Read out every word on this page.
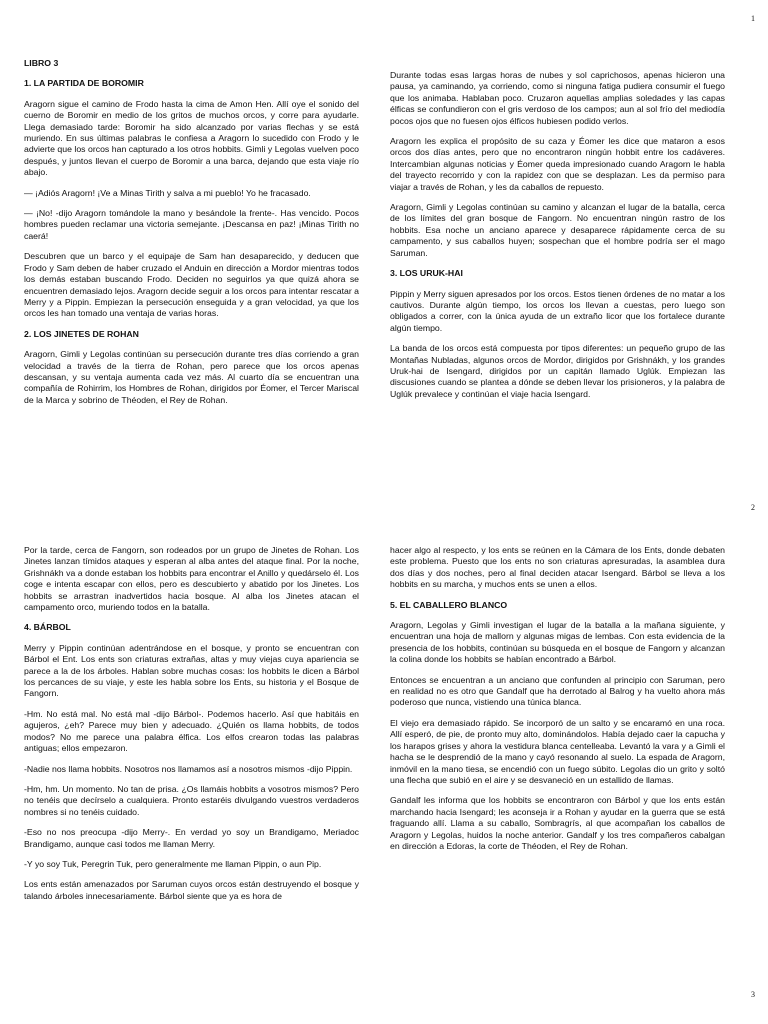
1
LIBRO 3
1. LA PARTIDA DE BOROMIR

Aragorn sigue el camino de Frodo hasta la cima de Amon Hen. Allí oye el sonido del cuerno de Boromir en medio de los gritos de muchos orcos, y corre para ayudarle. Llega demasiado tarde: Boromir ha sido alcanzado por varias flechas y se está muriendo. En sus últimas palabras le confiesa a Aragorn lo sucedido con Frodo y le advierte que los orcos han capturado a los otros hobbits. Gimli y Legolas vuelven poco después, y juntos llevan el cuerpo de Boromir a una barca, dejando que esta viaje río abajo.

— ¡Adiós Aragorn! ¡Ve a Minas Tirith y salva a mi pueblo! Yo he fracasado.

— ¡No! -dijo Aragorn tomándole la mano y besándole la frente-. Has vencido. Pocos hombres pueden reclamar una victoria semejante. ¡Descansa en paz! ¡Minas Tirith no caerá!

Descubren que un barco y el equipaje de Sam han desaparecido, y deducen que Frodo y Sam deben de haber cruzado el Anduin en dirección a Mordor mientras todos los demás estaban buscando Frodo. Deciden no seguirlos ya que quizá ahora se encuentren demasiado lejos. Aragorn decide seguir a los orcos para intentar rescatar a Merry y a Pippin. Empiezan la persecución enseguida y a gran velocidad, ya que los orcos les han tomado una ventaja de varias horas.

2. LOS JINETES DE ROHAN

Aragorn, Gimli y Legolas continúan su persecución durante tres días corriendo a gran velocidad a través de la tierra de Rohan, pero parece que los orcos apenas descansan, y su ventaja aumenta cada vez más. Al cuarto día se encuentran una compañía de Rohirrim, los Hombres de Rohan, dirigidos por Éomer, el Tercer Mariscal de la Marca y sobrino de Théoden, el Rey de Rohan.

Durante todas esas largas horas de nubes y sol caprichosos, apenas hicieron una pausa, ya caminando, ya corriendo, como si ninguna fatiga pudiera consumir el fuego que los animaba. Hablaban poco. Cruzaron aquellas amplias soledades y las capas élficas se confundieron con el gris verdoso de los campos; aun al sol frío del mediodía pocos ojos que no fuesen ojos élficos hubiesen podido verlos.

Aragorn les explica el propósito de su caza y Éomer les dice que mataron a esos orcos dos días antes, pero que no encontraron ningún hobbit entre los cadáveres. Intercambian algunas noticias y Éomer queda impresionado cuando Aragorn le habla del trayecto recorrido y con la rapidez con que se desplazan. Les da permiso para viajar a través de Rohan, y les da caballos de repuesto.

Aragorn, Gimli y Legolas continúan su camino y alcanzan el lugar de la batalla, cerca de los límites del gran bosque de Fangorn. No encuentran ningún rastro de los hobbits. Esa noche un anciano aparece y desaparece rápidamente cerca de su campamento, y sus caballos huyen; sospechan que el hombre podría ser el mago Saruman.

3. LOS URUK-HAI

Pippin y Merry siguen apresados por los orcos. Estos tienen órdenes de no matar a los cautivos. Durante algún tiempo, los orcos los llevan a cuestas, pero luego son obligados a correr, con la única ayuda de un extraño licor que los fortalece durante algún tiempo.

La banda de los orcos está compuesta por tipos diferentes: un pequeño grupo de las Montañas Nubladas, algunos orcos de Mordor, dirigidos por Grishnákh, y los grandes Uruk-hai de Isengard, dirigidos por un capitán llamado Uglúk. Empiezan las discusiones cuando se plantea a dónde se deben llevar los prisioneros, y la palabra de Uglúk prevalece y continúan el viaje hacia Isengard.

2

Por la tarde, cerca de Fangorn, son rodeados por un grupo de Jinetes de Rohan. Los Jinetes lanzan tímidos ataques y esperan al alba antes del ataque final. Por la noche, Grishnákh va a donde estaban los hobbits para encontrar el Anillo y quedárselo él. Los coge e intenta escapar con ellos, pero es descubierto y abatido por los Jinetes. Los hobbits se arrastran inadvertidos hacia bosque. Al alba los Jinetes atacan el campamento orco, muriendo todos en la batalla.

4. BÁRBOL

Merry y Pippin continúan adentrándose en el bosque, y pronto se encuentran con Bárbol el Ent. Los ents son criaturas extrañas, altas y muy viejas cuya apariencia se parece a la de los árboles. Hablan sobre muchas cosas: los hobbits le dicen a Bárbol los percances de su viaje, y este les habla sobre los Ents, su historia y el Bosque de Fangorn.

-Hm. No está mal. No está mal -dijo Bárbol-. Podemos hacerlo. Así que habitáis en agujeros, ¿eh? Parece muy bien y adecuado. ¿Quién os llama hobbits, de todos modos? No me parece una palabra élfica. Los elfos crearon todas las palabras antiguas; ellos empezaron.

-Nadie nos llama hobbits. Nosotros nos llamamos así a nosotros mismos -dijo Pippin.

-Hm, hm. Un momento. No tan de prisa. ¿Os llamáis hobbits a vosotros mismos? Pero no tenéis que decírselo a cualquiera. Pronto estaréis divulgando vuestros verdaderos nombres si no tenéis cuidado.

-Eso no nos preocupa -dijo Merry-. En verdad yo soy un Brandigamo, Meriadoc Brandigamo, aunque casi todos me llaman Merry.

-Y yo soy Tuk, Peregrin Tuk, pero generalmente me llaman Pippin, o aun Pip.

Los ents están amenazados por Saruman cuyos orcos están destruyendo el bosque y talando árboles innecesariamente. Bárbol siente que ya es hora de

hacer algo al respecto, y los ents se reúnen en la Cámara de los Ents, donde debaten este problema. Puesto que los ents no son criaturas apresuradas, la asamblea dura dos días y dos noches, pero al final deciden atacar Isengard. Bárbol se lleva a los hobbits en su marcha, y muchos ents se unen a ellos.

5. EL CABALLERO BLANCO

Aragorn, Legolas y Gimli investigan el lugar de la batalla a la mañana siguiente, y encuentran una hoja de mallorn y algunas migas de lembas. Con esta evidencia de la presencia de los hobbits, continúan su búsqueda en el bosque de Fangorn y alcanzan la colina donde los hobbits se habían encontrado a Bárbol.

Entonces se encuentran a un anciano que confunden al principio con Saruman, pero en realidad no es otro que Gandalf que ha derrotado al Balrog y ha vuelto ahora más poderoso que nunca, vistiendo una túnica blanca.

El viejo era demasiado rápido. Se incorporó de un salto y se encaramó en una roca. Allí esperó, de pie, de pronto muy alto, dominándolos. Había dejado caer la capucha y los harapos grises y ahora la vestidura blanca centelleaba. Levantó la vara y a Gimli el hacha se le desprendió de la mano y cayó resonando al suelo. La espada de Aragorn, inmóvil en la mano tiesa, se encendió con un fuego súbito. Legolas dio un grito y soltó una flecha que subió en el aire y se desvaneció en un estallido de llamas.

Gandalf les informa que los hobbits se encontraron con Bárbol y que los ents están marchando hacia Isengard; les aconseja ir a Rohan y ayudar en la guerra que se está fraguando allí. Llama a su caballo, Sombragrís, al que acompañan los caballos de Aragorn y Legolas, huidos la noche anterior. Gandalf y los tres compañeros cabalgan en dirección a Edoras, la corte de Théoden, el Rey de Rohan.

3
